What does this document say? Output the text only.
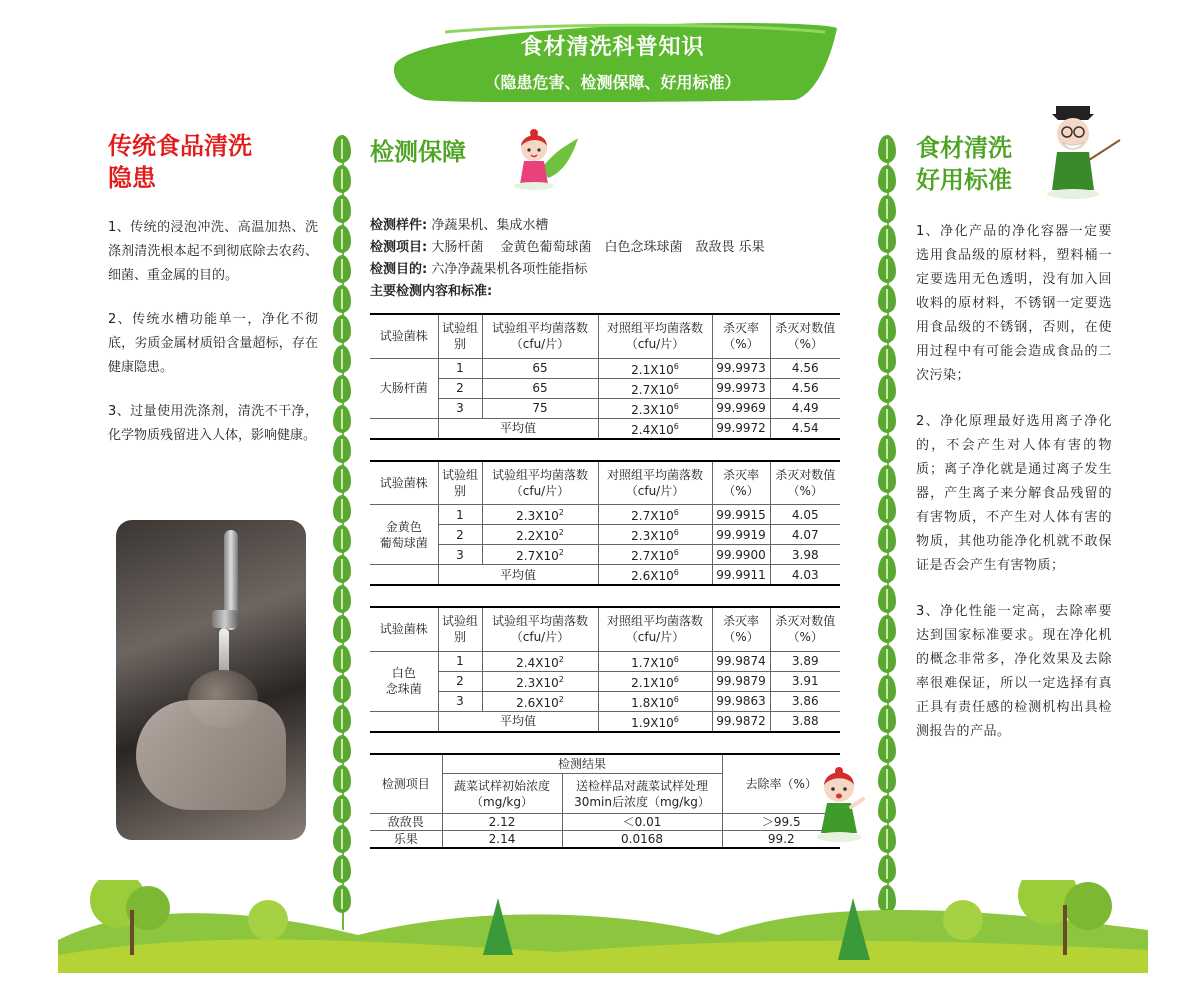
食材清洗科普知识
（隐患危害、检测保障、好用标准）
传统食品清洗
隐患

1、传统的浸泡冲洗、高温加热、洗涤剂清洗根本起不到彻底除去农药、细菌、重金属的目的。

2、传统水槽功能单一，净化不彻底，劣质金属材质铅含量超标，存在健康隐患。

3、过量使用洗涤剂，清洗不干净，化学物质残留进入人体，影响健康。

检测保障
检测样件: 净蔬果机、集成水槽
检测项目: 大肠杆菌　 金黄色葡萄球菌　白色念珠球菌　敌敌畏 乐果
检测目的: 六净净蔬果机各项性能指标
主要检测内容和标准:
试验菌株	试验组别	试验组平均菌落数（cfu/片）	对照组平均菌落数（cfu/片）	杀灭率（%）	杀灭对数值（%）
大肠杆菌	1	65	$2.1X10^6$	99.9973	4.56
	2	65	$2.7X10^6$	99.9973	4.56
	3	75	$2.3X10^6$	99.9969	4.49
	平均值		$2.4X10^6$	99.9972	4.54
试验菌株	试验组别	试验组平均菌落数（cfu/片）	对照组平均菌落数（cfu/片）	杀灭率（%）	杀灭对数值（%）

金黄色
葡萄球菌	1	$2.3X10^2$	$2.7X10^6$	99.9915	4.05
	2	$2.2X10^2$	$2.3X10^6$	99.9919	4.07
	3	$2.7X10^2$	$2.7X10^6$	99.9900	3.98
	平均值		$2.6X10^6$	99.9911	4.03
试验菌株	试验组别	试验组平均菌落数（cfu/片）	对照组平均菌落数（cfu/片）	杀灭率（%）	杀灭对数值（%）

白色
念珠菌	1	$2.4X10^2$	$1.7X10^6$	99.9874	3.89
	2	$2.3X10^2$	$2.1X10^6$	99.9879	3.91
	3	$2.6X10^2$	$1.8X10^6$	99.9863	3.86
	平均值		$1.9X10^6$	99.9872	3.88
检测项目	检测结果		去除率（%）
	蔬菜试样初始浓度（mg/kg）	送检样品对蔬菜试样处理30min后浓度（mg/kg）	
敌敌畏	2.12	＜0.01	＞99.5
乐果	2.14	0.0168	99.2
食材清洗
好用标准

1、净化产品的净化容器一定要选用食品级的原材料，塑料桶一定要选用无色透明，没有加入回收料的原材料，不锈钢一定要选用食品级的不锈钢，否则，在使用过程中有可能会造成食品的二次污染；

2、净化原理最好选用离子净化的，不会产生对人体有害的物质；离子净化就是通过离子发生器，产生离子来分解食品残留的有害物质，不产生对人体有害的物质，其他功能净化机就不敢保证是否会产生有害物质；

3、净化性能一定高，去除率要达到国家标准要求。现在净化机的概念非常多，净化效果及去除率很难保证，所以一定选择有真正具有责任感的检测机构出具检测报告的产品。
